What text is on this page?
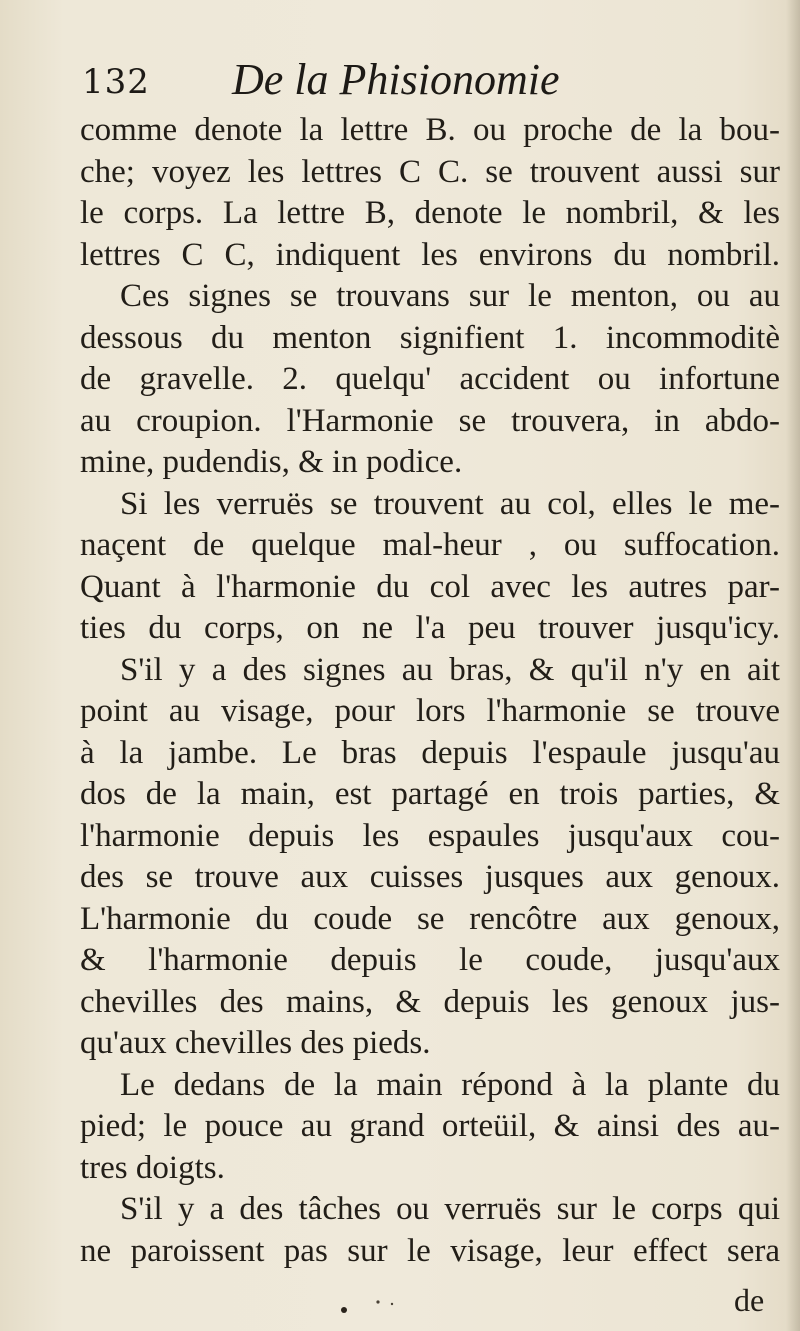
132 De la Phisionomie
comme denote la lettre B. ou proche de la bou-
che; voyez les lettres C C. se trouvent aussi sur
le corps. La lettre B, denote le nombril, & les
lettres C C, indiquent les environs du nombril.
Ces signes se trouvans sur le menton, ou au
dessous du menton signifient 1. incommoditè
de gravelle. 2. quelqu' accident ou infortune
au croupion. l'Harmonie se trouvera, in abdo-
mine, pudendis, & in podice.
Si les verruës se trouvent au col, elles le me-
naçent de quelque mal-heur , ou suffocation.
Quant à l'harmonie du col avec les autres par-
ties du corps, on ne l'a peu trouver jusqu'icy.
S'il y a des signes au bras, & qu'il n'y en ait
point au visage, pour lors l'harmonie se trouve
à la jambe. Le bras depuis l'espaule jusqu'au
dos de la main, est partagé en trois parties, &
l'harmonie depuis les espaules jusqu'aux cou-
des se trouve aux cuisses jusques aux genoux.
L'harmonie du coude se rencôtre aux genoux,
& l'harmonie depuis le coude, jusqu'aux
chevilles des mains, & depuis les genoux jus-
qu'aux chevilles des pieds.
Le dedans de la main répond à la plante du
pied; le pouce au grand orteüil, & ainsi des au-
tres doigts.
S'il y a des tâches ou verruës sur le corps qui
ne paroissent pas sur le visage, leur effect sera
de
